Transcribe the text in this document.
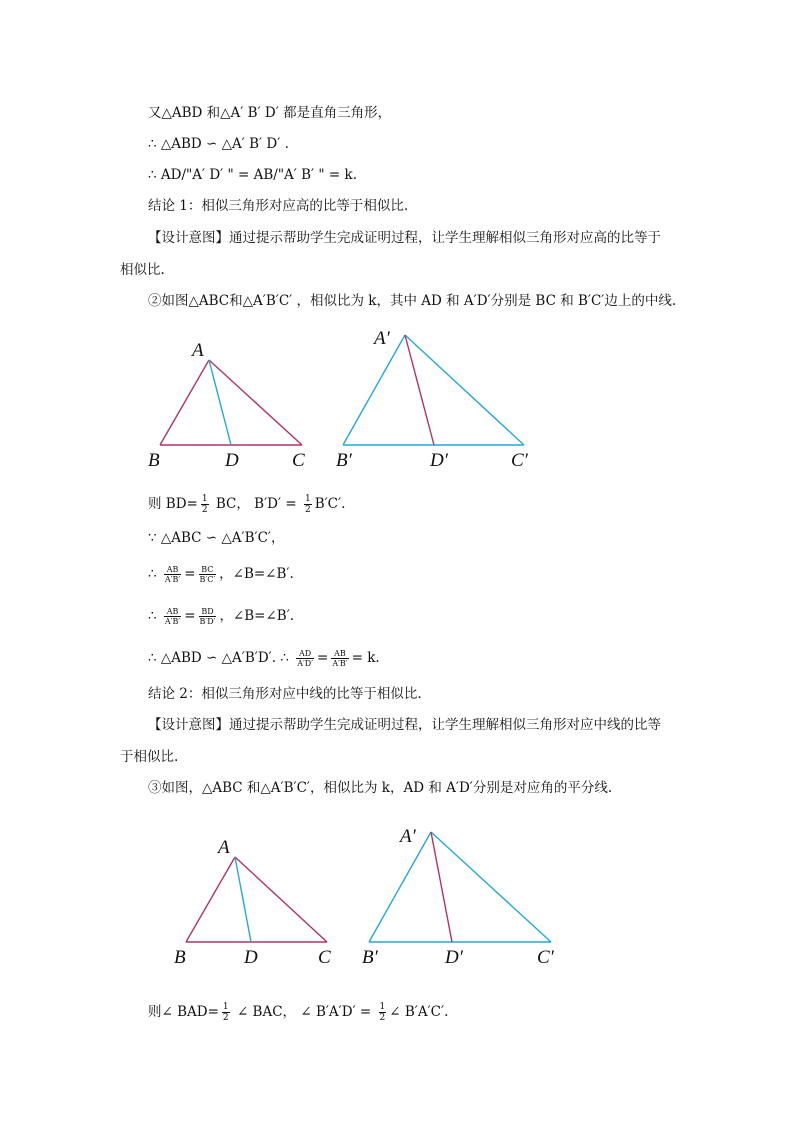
又△ABD 和△A′ B′ D′ 都是直角三角形，
∴ △ABD ∽ △A′ B′ D′ .
∴ AD/"A′ D′ " = AB/"A′ B′ " = k.
结论 1：相似三角形对应高的比等于相似比.
【设计意图】通过提示帮助学生完成证明过程，让学生理解相似三角形对应高的比等于
相似比.
②如图△ABC和△A′B′C′ ，相似比为 k，其中 AD 和 A′D′分别是 BC 和 B′C′边上的中线.
A
B	D	C
A′
B′	D′	C′
则 $BD= \frac{1}{2}$ BC， $B'D' = \frac{1}{2} B'C'$.
∵ △ABC ∽ △A′B′C′，
∴ $\frac{AB}{A'B'} = \frac{BC}{B'C'}$ ，∠B=∠B′.
∴ $\frac{AB}{A'B'} = \frac{BD}{B'D'}$ ，∠B=∠B′.
∴ △ABD ∽ △A′B′D′. ∴ $\frac{AD}{A'D'} = \frac{AB}{A'B'} = k$.
结论 2：相似三角形对应中线的比等于相似比.
【设计意图】通过提示帮助学生完成证明过程，让学生理解相似三角形对应中线的比等
于相似比.
③如图，△ABC 和△A′B′C′，相似比为 k，AD 和 A′D′分别是对应角的平分线.
A
B	D	C
A′
B′	D′	C′
则∠ $BAD= \frac{1}{2}$ ∠ BAC， ∠ $B'A'D' = \frac{1}{2}$ ∠ B′A′C′.
